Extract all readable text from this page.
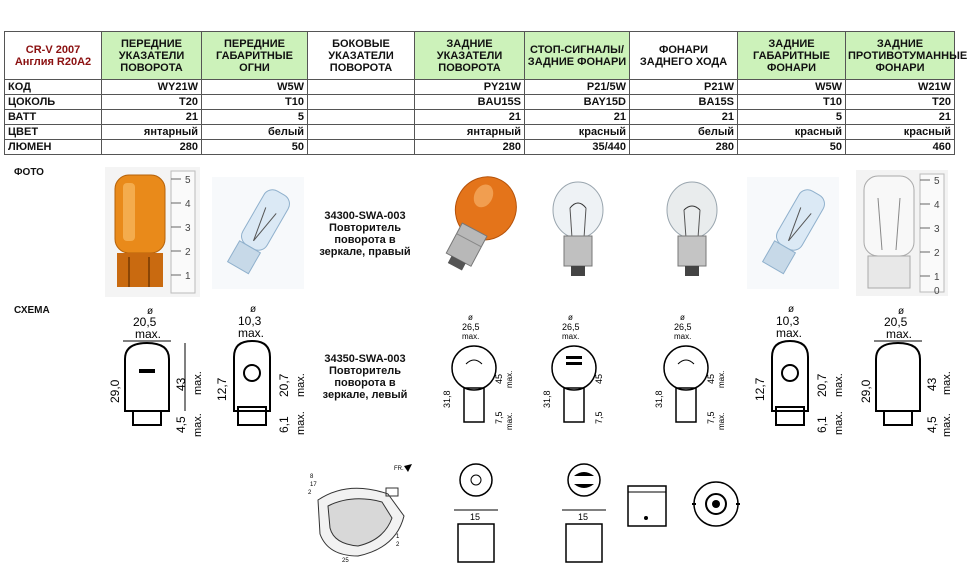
CR-V 2007 Англия R20A2	ПЕРЕДНИЕ УКАЗАТЕЛИ ПОВОРОТА	ПЕРЕДНИЕ ГАБАРИТНЫЕ ОГНИ	БОКОВЫЕ УКАЗАТЕЛИ ПОВОРОТА	ЗАДНИЕ УКАЗАТЕЛИ ПОВОРОТА	СТОП-СИГНАЛЫ/ЗАДНИЕ ФОНАРИ	ФОНАРИ ЗАДНЕГО ХОДА	ЗАДНИЕ ГАБАРИТНЫЕ ФОНАРИ	ЗАДНИЕ ПРОТИВОТУМАННЫЕ ФОНАРИ
КОД	WY21W	W5W		PY21W	P21/5W	P21W	W5W	W21W
ЦОКОЛЬ	T20	T10		BAU15S	BAY15D	BA15S	T10	T20
ВАТТ	21	5		21	21	21	5	21
ЦВЕТ	янтарный	белый		янтарный	красный	белый	красный	красный
ЛЮМЕН	280	50		280	35/440	280	50	460
ФОТО
СХЕМА
34300-SWA-003 Повторитель поворота в зеркале, правый
34350-SWA-003 Повторитель поворота в зеркале, левый
5
4
3
2
1
5
4
3
2
1
0
ø
20,5
max.
29,0	43 max.
4,5 max.
ø
10,3
max.
12,7	20,7 max.
6,1 max.
ø
26,5
max.
31,8
45 max.
7,5 max.
ø
26,5
max.
31,8
45
7,5
ø
26,5
max.
31,8
45 max.
7,5 max.
ø
10,3
max.
12,7	20,7 max.
6,1 max.
ø
20,5
max.
29,0	43 max.
4,5 max.
FR.
8
17
2
1
2
25
15	15
